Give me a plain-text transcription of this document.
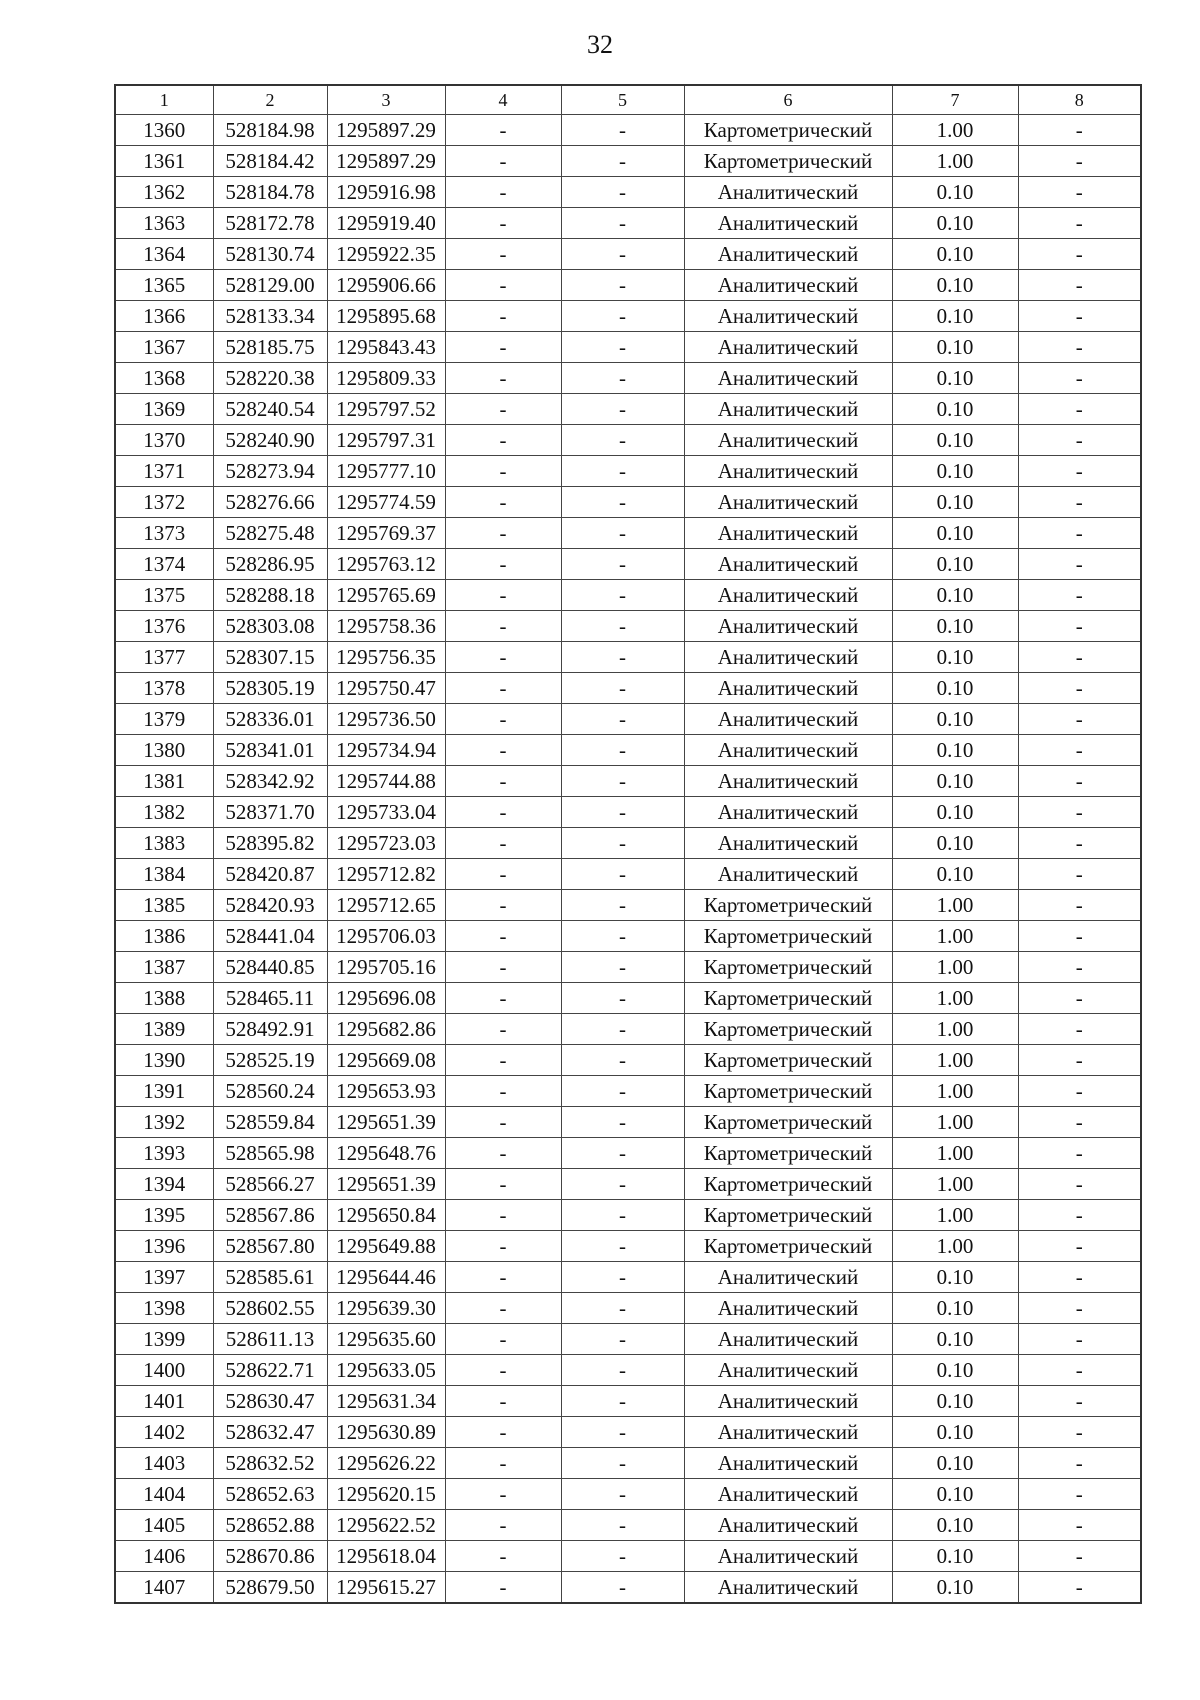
32
1	2	3	4	5	6	7	8
1360	528184.98	1295897.29	-	-	Картометрический	1.00	-
1361	528184.42	1295897.29	-	-	Картометрический	1.00	-
1362	528184.78	1295916.98	-	-	Аналитический	0.10	-
1363	528172.78	1295919.40	-	-	Аналитический	0.10	-
1364	528130.74	1295922.35	-	-	Аналитический	0.10	-
1365	528129.00	1295906.66	-	-	Аналитический	0.10	-
1366	528133.34	1295895.68	-	-	Аналитический	0.10	-
1367	528185.75	1295843.43	-	-	Аналитический	0.10	-
1368	528220.38	1295809.33	-	-	Аналитический	0.10	-
1369	528240.54	1295797.52	-	-	Аналитический	0.10	-
1370	528240.90	1295797.31	-	-	Аналитический	0.10	-
1371	528273.94	1295777.10	-	-	Аналитический	0.10	-
1372	528276.66	1295774.59	-	-	Аналитический	0.10	-
1373	528275.48	1295769.37	-	-	Аналитический	0.10	-
1374	528286.95	1295763.12	-	-	Аналитический	0.10	-
1375	528288.18	1295765.69	-	-	Аналитический	0.10	-
1376	528303.08	1295758.36	-	-	Аналитический	0.10	-
1377	528307.15	1295756.35	-	-	Аналитический	0.10	-
1378	528305.19	1295750.47	-	-	Аналитический	0.10	-
1379	528336.01	1295736.50	-	-	Аналитический	0.10	-
1380	528341.01	1295734.94	-	-	Аналитический	0.10	-
1381	528342.92	1295744.88	-	-	Аналитический	0.10	-
1382	528371.70	1295733.04	-	-	Аналитический	0.10	-
1383	528395.82	1295723.03	-	-	Аналитический	0.10	-
1384	528420.87	1295712.82	-	-	Аналитический	0.10	-
1385	528420.93	1295712.65	-	-	Картометрический	1.00	-
1386	528441.04	1295706.03	-	-	Картометрический	1.00	-
1387	528440.85	1295705.16	-	-	Картометрический	1.00	-
1388	528465.11	1295696.08	-	-	Картометрический	1.00	-
1389	528492.91	1295682.86	-	-	Картометрический	1.00	-
1390	528525.19	1295669.08	-	-	Картометрический	1.00	-
1391	528560.24	1295653.93	-	-	Картометрический	1.00	-
1392	528559.84	1295651.39	-	-	Картометрический	1.00	-
1393	528565.98	1295648.76	-	-	Картометрический	1.00	-
1394	528566.27	1295651.39	-	-	Картометрический	1.00	-
1395	528567.86	1295650.84	-	-	Картометрический	1.00	-
1396	528567.80	1295649.88	-	-	Картометрический	1.00	-
1397	528585.61	1295644.46	-	-	Аналитический	0.10	-
1398	528602.55	1295639.30	-	-	Аналитический	0.10	-
1399	528611.13	1295635.60	-	-	Аналитический	0.10	-
1400	528622.71	1295633.05	-	-	Аналитический	0.10	-
1401	528630.47	1295631.34	-	-	Аналитический	0.10	-
1402	528632.47	1295630.89	-	-	Аналитический	0.10	-
1403	528632.52	1295626.22	-	-	Аналитический	0.10	-
1404	528652.63	1295620.15	-	-	Аналитический	0.10	-
1405	528652.88	1295622.52	-	-	Аналитический	0.10	-
1406	528670.86	1295618.04	-	-	Аналитический	0.10	-
1407	528679.50	1295615.27	-	-	Аналитический	0.10	-
